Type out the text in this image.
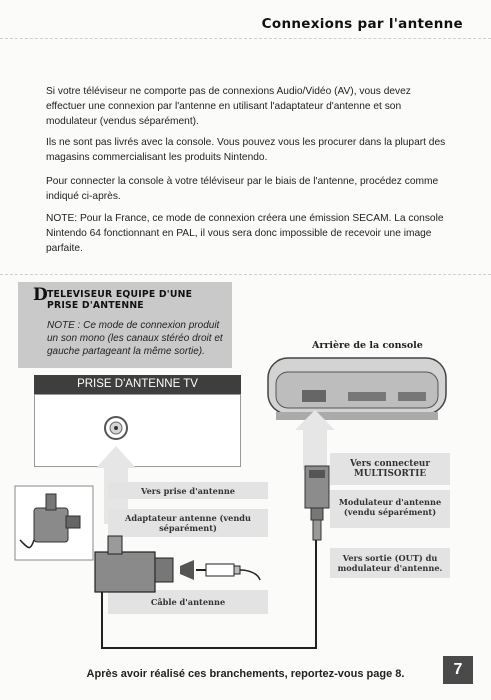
Connexions par l'antenne
Si votre téléviseur ne comporte pas de connexions Audio/Vidéo (AV), vous devez effectuer une connexion par l'antenne en utilisant l'adaptateur d'antenne et son modulateur (vendus séparément).
Ils ne sont pas livrés avec la console. Vous pouvez vous les procurer dans la plupart des magasins commercialisant les produits Nintendo.
Pour connecter la console à votre téléviseur par le biais de l'antenne, procédez comme indiqué ci-après.
NOTE: Pour la France, ce mode de connexion créera une émission SECAM. La console Nintendo 64 fonctionnant en PAL, il vous sera donc impossible de recevoir une image parfaite.
D TELEVISEUR EQUIPE D'UNE PRISE D'ANTENNE
NOTE : Ce mode de connexion produit un son mono (les canaux stéréo droit et gauche partageant la même sortie).
Arrière de la console
PRISE D'ANTENNE TV
Vers prise d'antenne
Adaptateur antenne (vendu séparément)
Câble d'antenne
Vers connecteur MULTISORTIE
Modulateur d'antenne (vendu séparément)
Vers sortie (OUT) du modulateur d'antenne.
Après avoir réalisé ces branchements, reportez-vous page 8.	7
